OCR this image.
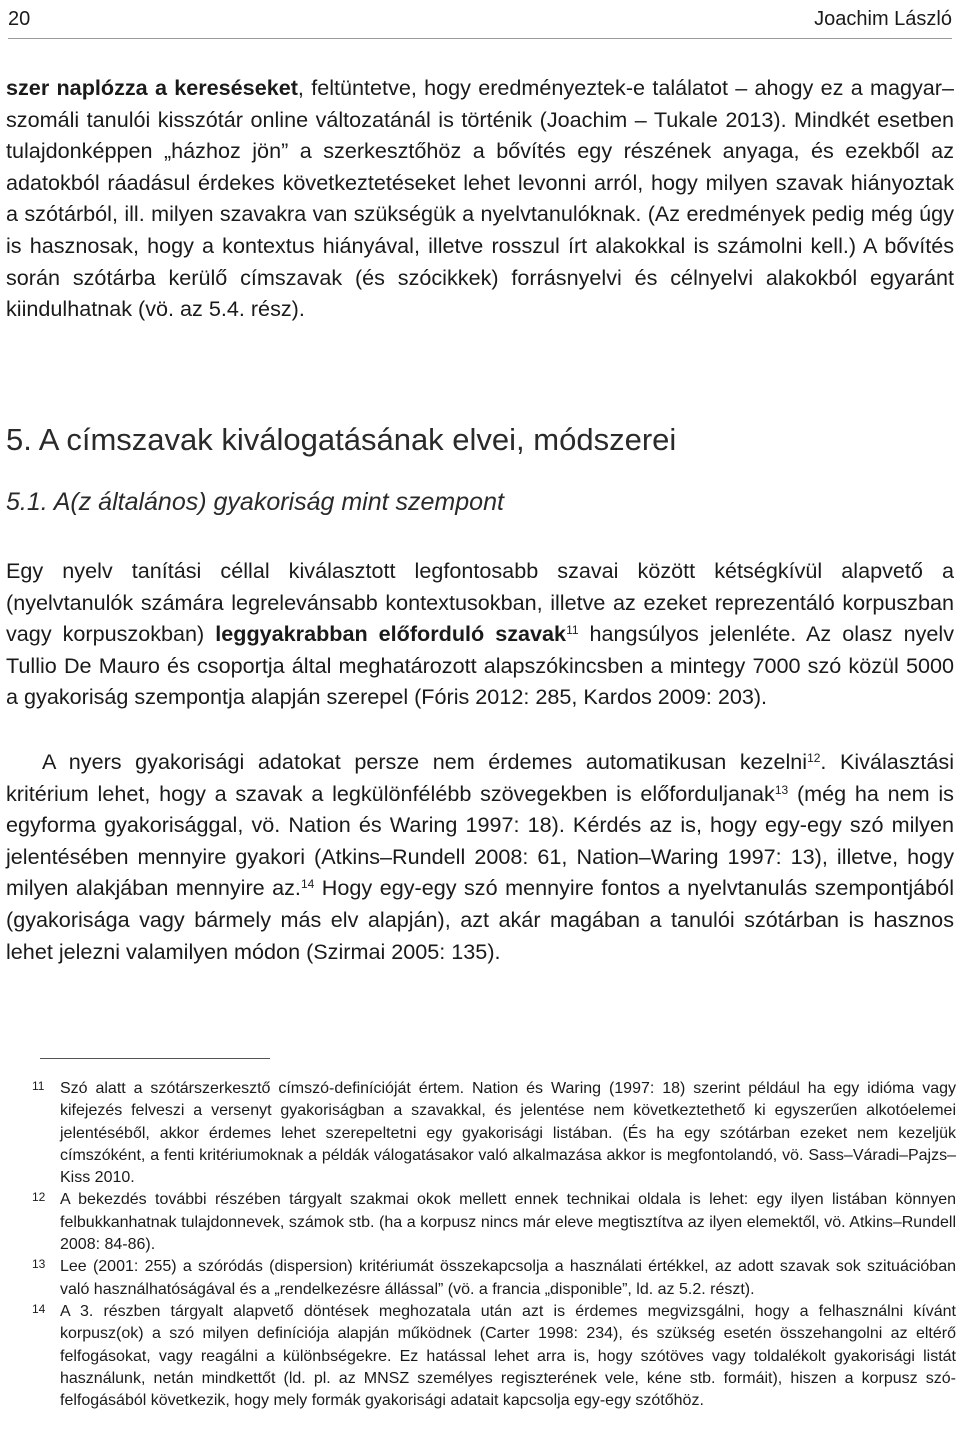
20	Joachim László

szer naplózza a kereséseket, feltüntetve, hogy eredményeztek-e találatot – ahogy ez a magyar–szomáli tanulói kisszótár online változatánál is történik (Joachim – Tukale 2013). Mindkét esetben tulajdonképpen „házhoz jön” a szerkesztőhöz a bővítés egy részének anyaga, és ezekből az adatokból ráadásul érdekes következtetéseket lehet levonni arról, hogy milyen szavak hiányoztak a szótárból, ill. milyen szavakra van szükségük a nyelvtanulóknak. (Az eredmények pedig még úgy is hasznosak, hogy a kontextus hiányával, illetve rosszul írt alakokkal is számolni kell.) A bővítés során szótárba kerülő címszavak (és szócikkek) forrásnyelvi és célnyelvi alakokból egyaránt kiindulhatnak (vö. az 5.4. rész).

5. A címszavak kiválogatásának elvei, módszerei
5.1. A(z általános) gyakoriság mint szempont

Egy nyelv tanítási céllal kiválasztott legfontosabb szavai között kétségkívül alapvető a (nyelvtanulók számára legrelevánsabb kontextusokban, illetve az ezeket reprezentáló korpuszban vagy korpuszokban) leggyakrabban előforduló szavak$^{11}$ hangsúlyos jelenléte. Az olasz nyelv Tullio De Mauro és csoportja által meghatározott alapszókincsben a mintegy 7000 szó közül 5000 a gyakoriság szempontja alapján szerepel (Fóris 2012: 285, Kardos 2009: 203).

A nyers gyakorisági adatokat persze nem érdemes automatikusan kezelni$^{12}$. Kiválasztási kritérium lehet, hogy a szavak a legkülönfélébb szövegekben is előforduljanak$^{13}$ (még ha nem is egyforma gyakorisággal, vö. Nation és Waring 1997: 18). Kérdés az is, hogy egy-egy szó milyen jelentésében mennyire gyakori (Atkins–Rundell 2008: 61, Nation–Waring 1997: 13), illetve, hogy milyen alakjában mennyire az.$^{14}$ Hogy egy-egy szó mennyire fontos a nyelvtanulás szempontjából (gyakorisága vagy bármely más elv alapján), azt akár magában a tanulói szótárban is hasznos lehet jelezni valamilyen módon (Szirmai 2005: 135).

11 Szó alatt a szótárszerkesztő címszó-definícióját értem. Nation és Waring (1997: 18) szerint például ha egy idióma vagy kifejezés felveszi a versenyt gyakoriságban a szavakkal, és jelentése nem következtethető ki egyszerűen alkotóelemei jelentéséből, akkor érdemes lehet szerepeltetni egy gyakorisági listában. (És ha egy szótárban ezeket nem kezeljük címszóként, a fenti kritériumoknak a példák válogatásakor való alkalmazása akkor is megfontolandó, vö. Sass–Váradi–Pajzs–Kiss 2010.

12 A bekezdés további részében tárgyalt szakmai okok mellett ennek technikai oldala is lehet: egy ilyen listában könnyen felbukkanhatnak tulajdonnevek, számok stb. (ha a korpusz nincs már eleve megtisztítva az ilyen elemektől, vö. Atkins–Rundell 2008: 84-86).

13 Lee (2001: 255) a szóródás (dispersion) kritériumát összekapcsolja a használati értékkel, az adott szavak sok szituációban való használhatóságával és a „rendelkezésre állással” (vö. a francia „disponible”, ld. az 5.2. részt).

14 A 3. részben tárgyalt alapvető döntések meghozatala után azt is érdemes megvizsgálni, hogy a felhasználni kívánt korpusz(ok) a szó milyen definíciója alapján működnek (Carter 1998: 234), és szükség esetén összehangolni az eltérő felfogásokat, vagy reagálni a különbségekre. Ez hatással lehet arra is, hogy szótöves vagy toldalékolt gyakorisági listát használunk, netán mindkettőt (ld. pl. az MNSZ személyes regiszterének vele, kéne stb. formáit), hiszen a korpusz szó-felfogásából következik, hogy mely formák gyakorisági adatait kapcsolja egy-egy szótőhöz.
